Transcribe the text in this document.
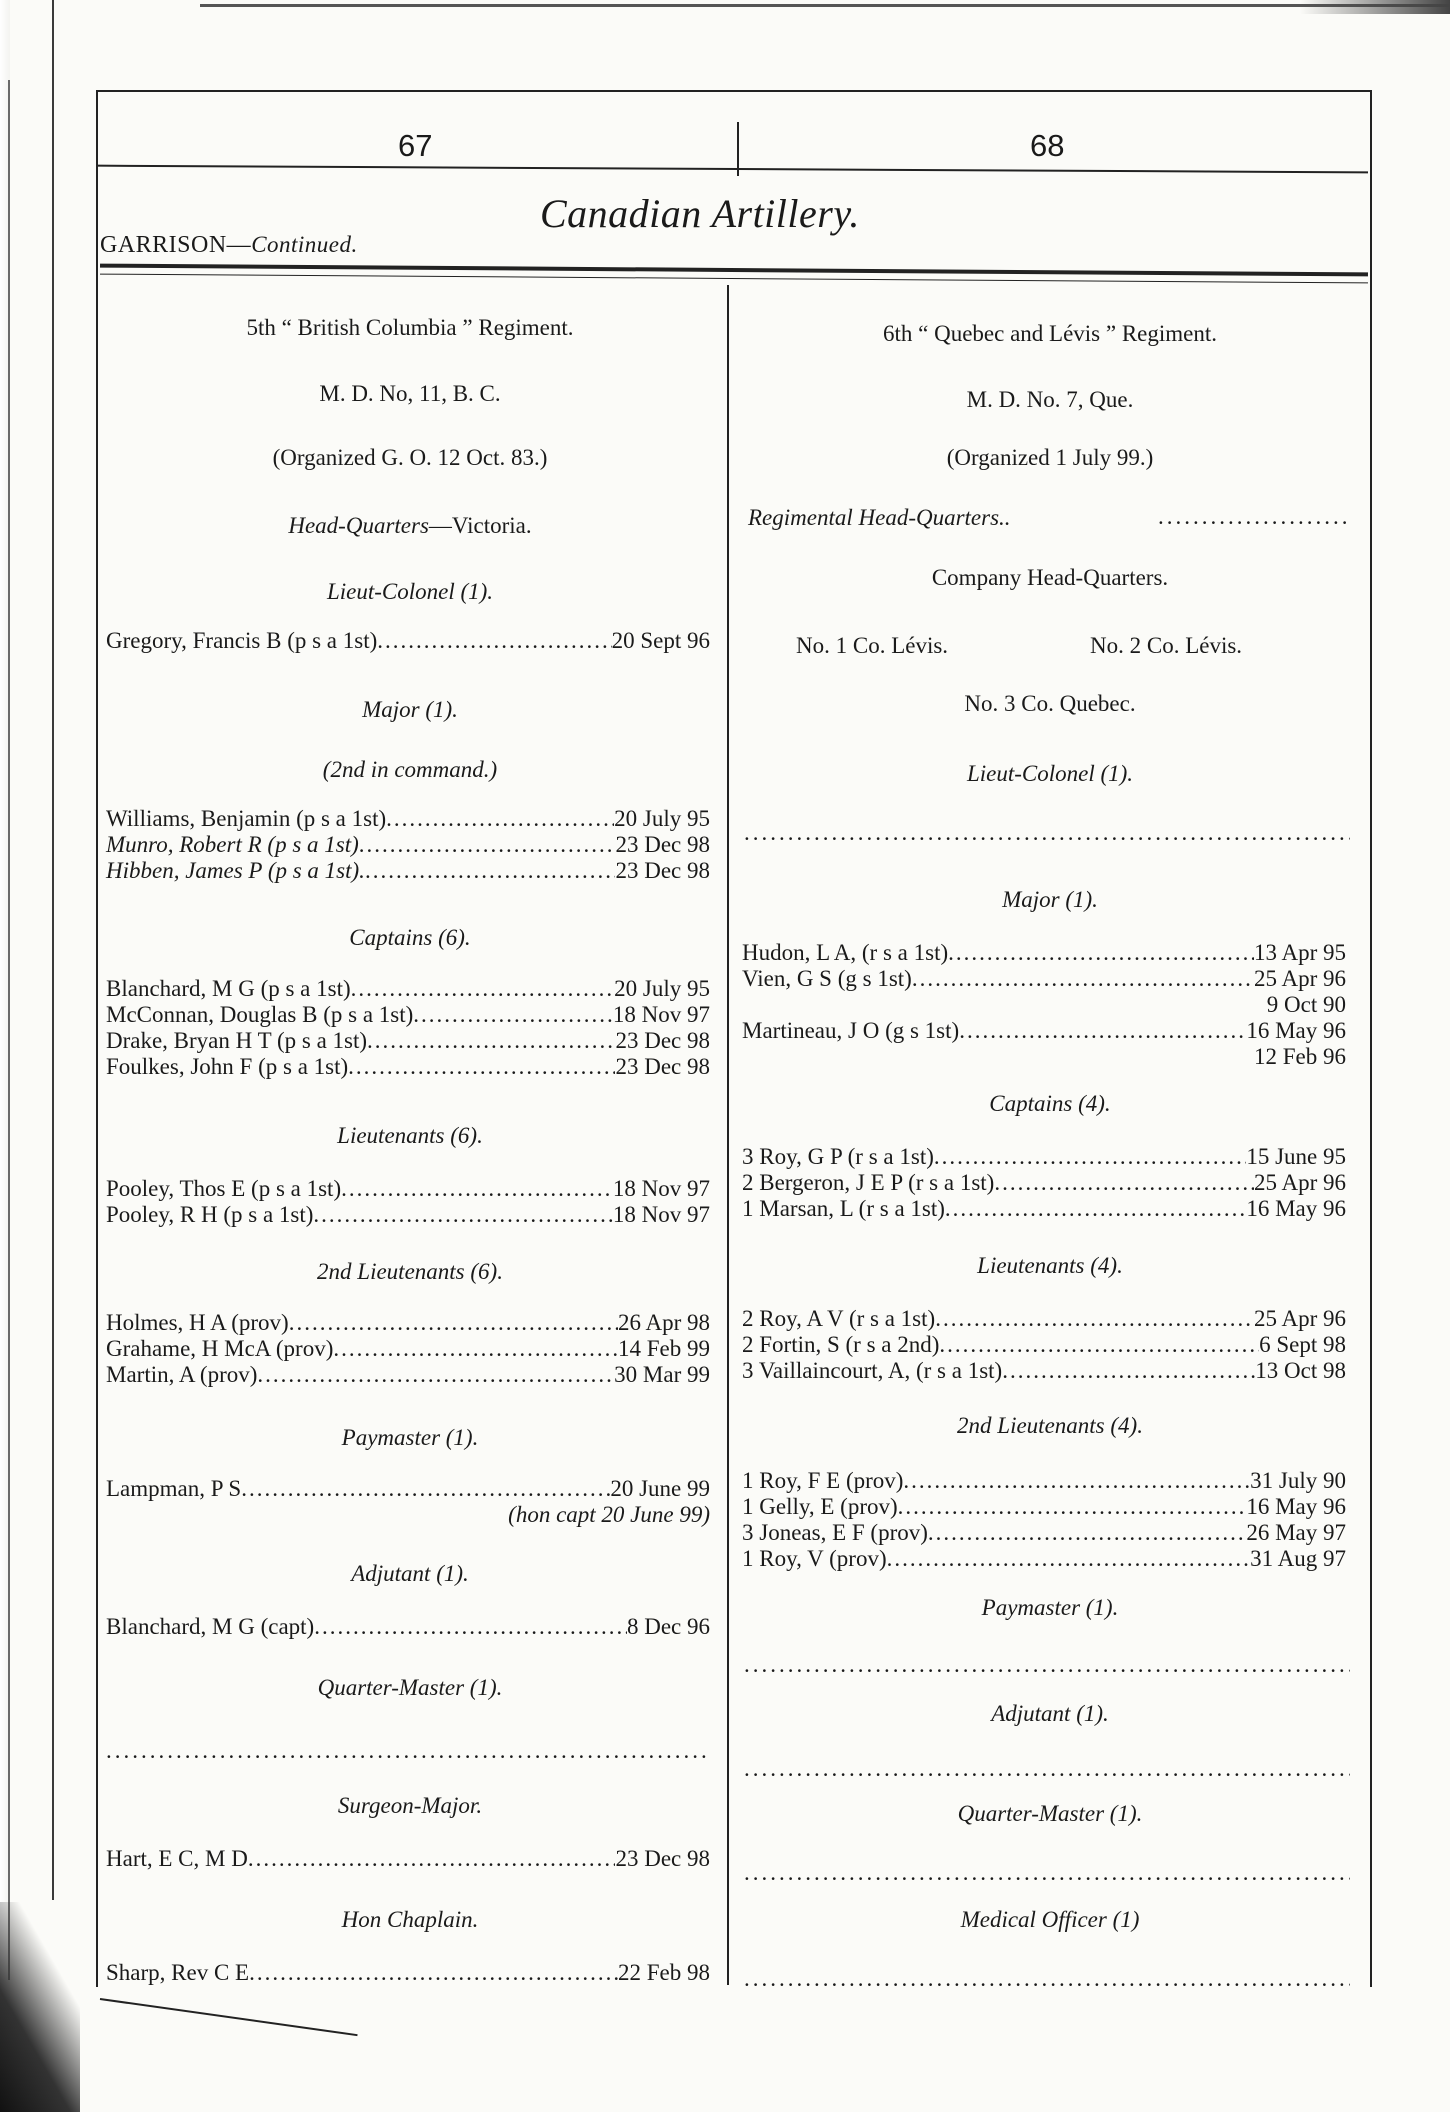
67	68
Canadian Artillery.
GARRISON—Continued.
5th “ British Columbia ” Regiment.
M. D. No, 11, B. C.
(Organized G. O. 12 Oct. 83.)
Head-Quarters—Victoria.
Lieut-Colonel (1).
Gregory, Francis B (p s a 1st) .....	20 Sept 96
Major (1).
(2nd in command.)
Williams, Benjamin (p s a 1st) .....	20 July 95
Munro, Robert R (p s a 1st) .....	23 Dec 98
Hibben, James P (p s a 1st). .....	23 Dec 98
Captains (6).
Blanchard, M G (p s a 1st) .....	20 July 95
McConnan, Douglas B (p s a 1st) .....	18 Nov 97
Drake, Bryan H T (p s a 1st) .....	23 Dec 98
Foulkes, John F (p s a 1st) .....	23 Dec 98
Lieutenants (6).
Pooley, Thos E (p s a 1st) .....	18 Nov 97
Pooley, R H (p s a 1st) .....	18 Nov 97
2nd Lieutenants (6).
Holmes, H A (prov) .....	26 Apr 98
Grahame, H McA (prov) .....	14 Feb 99
Martin, A (prov) .....	30 Mar 99
Paymaster (1).
Lampman, P S .....	20 June 99
(hon capt 20 June 99)
Adjutant (1).
Blanchard, M G (capt) .....	8 Dec 96
Quarter-Master (1).
.....
Surgeon-Major.
Hart, E C, M D .....	23 Dec 98
Hon Chaplain.
Sharp, Rev C E .....	22 Feb 98
6th “ Quebec and Lévis ” Regiment.
M. D. No. 7, Que.
(Organized 1 July 99.)
Regimental Head-Quarters..
.....
Company Head-Quarters.
No. 1 Co. Lévis.	No. 2 Co. Lévis.
No. 3 Co. Quebec.
Lieut-Colonel (1).
.....
Major (1).
Hudon, L A, (r s a 1st) .....	13 Apr 95
Vien, G S (g s 1st) .....	25 Apr 96
9 Oct 90
Martineau, J O (g s 1st) .....	16 May 96
12 Feb 96
Captains (4).
3 Roy, G P (r s a 1st) .....	15 June 95
2 Bergeron, J E P (r s a 1st) .....	25 Apr 96
1 Marsan, L (r s a 1st) .....	16 May 96
Lieutenants (4).
2 Roy, A V (r s a 1st) .....	25 Apr 96
2 Fortin, S (r s a 2nd) .....	6 Sept 98
3 Vaillaincourt, A, (r s a 1st) .....	13 Oct 98
2nd Lieutenants (4).
1 Roy, F E (prov) .....	31 July 90
1 Gelly, E (prov) .....	16 May 96
3 Joneas, E F (prov) .....	26 May 97
1 Roy, V (prov) .....	31 Aug 97
Paymaster (1).
.....
Adjutant (1).
.....
Quarter-Master (1).
.....
Medical Officer (1)
.....
